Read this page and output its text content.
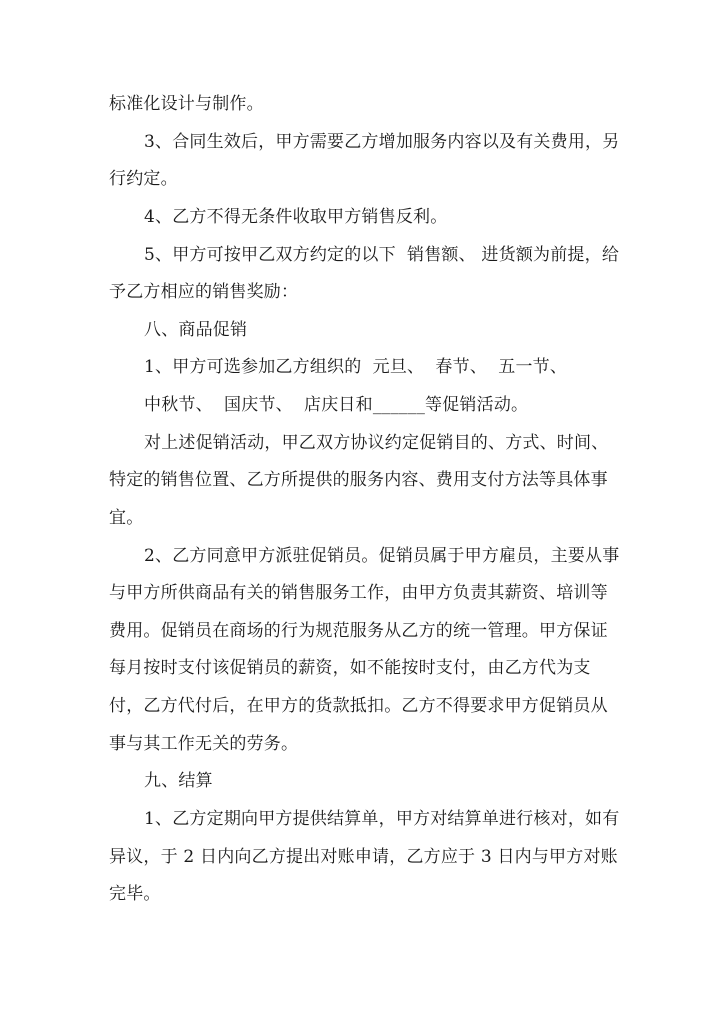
标准化设计与制作。
3、合同生效后，甲方需要乙方增加服务内容以及有关费用，另
行约定。
4、乙方不得无条件收取甲方销售反利。
5、甲方可按甲乙双方约定的以下  销售额、 进货额为前提，给
予乙方相应的销售奖励：
八、商品促销
1、甲方可选参加乙方组织的  元旦、  春节、  五一节、
中秋节、  国庆节、  店庆日和______等促销活动。
对上述促销活动，甲乙双方协议约定促销目的、方式、时间、
特定的销售位置、乙方所提供的服务内容、费用支付方法等具体事
宜。
2、乙方同意甲方派驻促销员。促销员属于甲方雇员，主要从事
与甲方所供商品有关的销售服务工作，由甲方负责其薪资、培训等
费用。促销员在商场的行为规范服务从乙方的统一管理。甲方保证
每月按时支付该促销员的薪资，如不能按时支付，由乙方代为支
付，乙方代付后，在甲方的货款抵扣。乙方不得要求甲方促销员从
事与其工作无关的劳务。
九、结算
1、乙方定期向甲方提供结算单，甲方对结算单进行核对，如有
异议，于 2 日内向乙方提出对账申请，乙方应于 3 日内与甲方对账
完毕。
